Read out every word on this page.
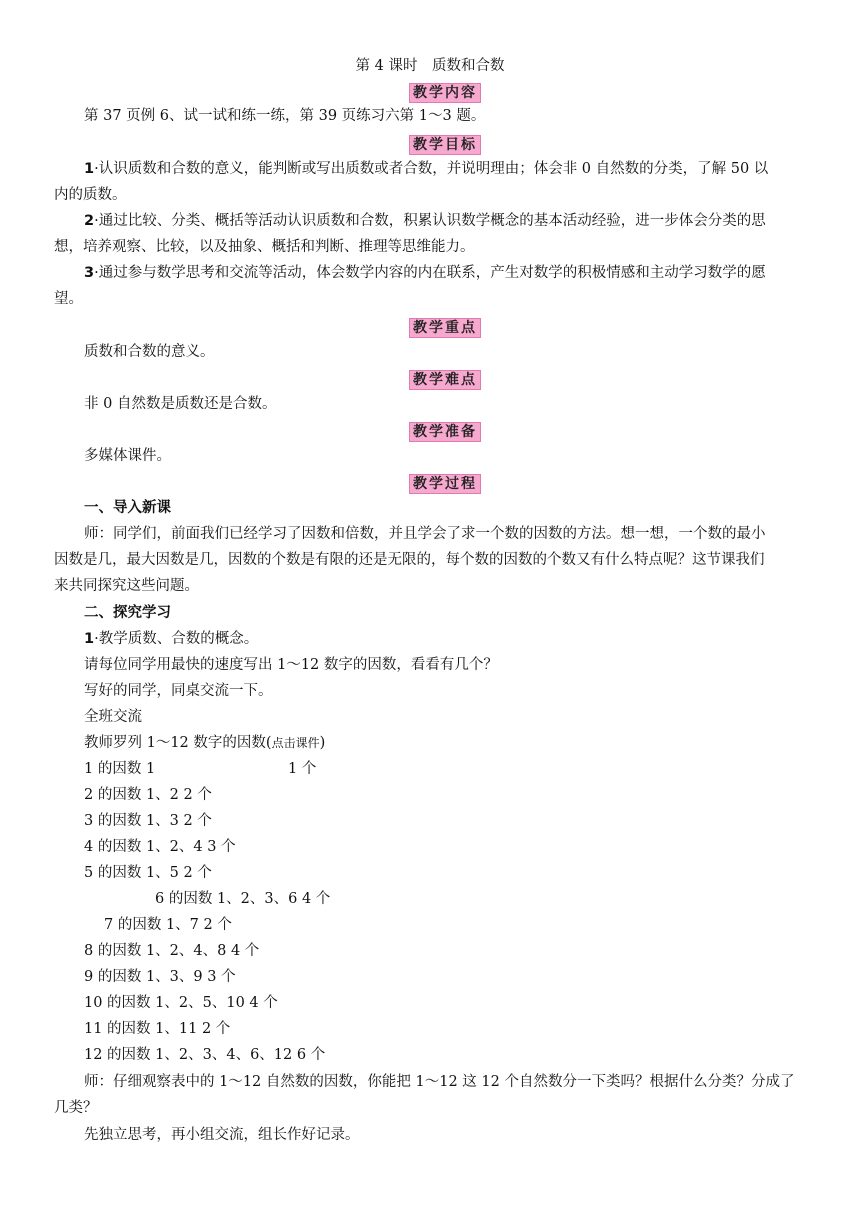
第 4 课时　质数和合数
教学内容
第 37 页例 6、试一试和练一练，第 39 页练习六第 1～3 题。
教学目标
1·认识质数和合数的意义，能判断或写出质数或者合数，并说明理由；体会非 0 自然数的分类，了解 50 以
内的质数。
2·通过比较、分类、概括等活动认识质数和合数，积累认识数学概念的基本活动经验，进一步体会分类的思
想，培养观察、比较，以及抽象、概括和判断、推理等思维能力。
3·通过参与数学思考和交流等活动，体会数学内容的内在联系，产生对数学的积极情感和主动学习数学的愿
望。
教学重点
质数和合数的意义。
教学难点
非 0 自然数是质数还是合数。
教学准备
多媒体课件。
教学过程
一、导入新课
师：同学们，前面我们已经学习了因数和倍数，并且学会了求一个数的因数的方法。想一想，一个数的最小
因数是几，最大因数是几，因数的个数是有限的还是无限的，每个数的因数的个数又有什么特点呢？这节课我们
来共同探究这些问题。
二、探究学习
1·教学质数、合数的概念。
请每位同学用最快的速度写出 1～12 数字的因数，看看有几个？
写好的同学，同桌交流一下。
全班交流
教师罗列 1～12 数字的因数(点击课件)
1 的因数 1	1 个
2 的因数 1、2 2 个
3 的因数 1、3 2 个
4 的因数 1、2、4 3 个
5 的因数 1、5 2 个
6 的因数 1、2、3、6 4 个
7 的因数 1、7 2 个
8 的因数 1、2、4、8 4 个
9 的因数 1、3、9 3 个
10 的因数 1、2、5、10 4 个
11 的因数 1、11 2 个
12 的因数 1、2、3、4、6、12 6 个
师：仔细观察表中的 1～12 自然数的因数，你能把 1～12 这 12 个自然数分一下类吗？根据什么分类？分成了
几类？
先独立思考，再小组交流，组长作好记录。
